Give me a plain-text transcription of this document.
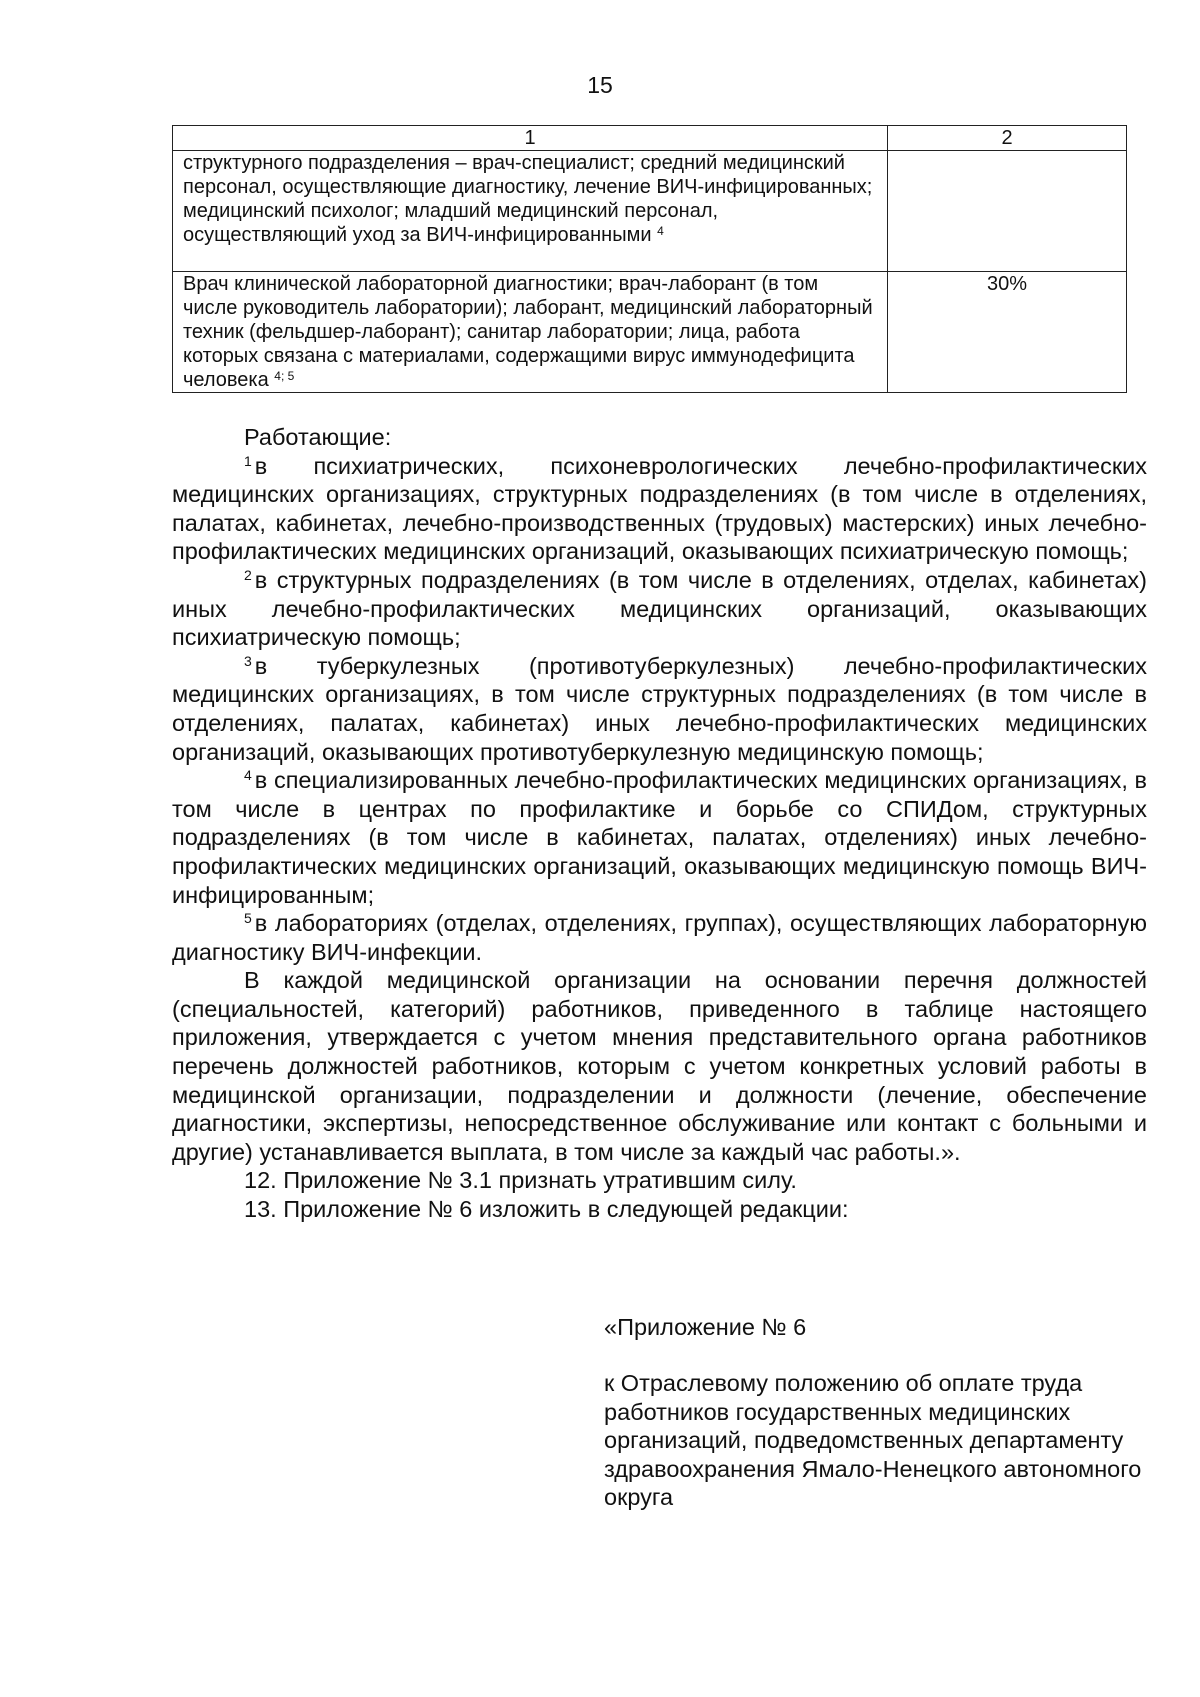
15
1	2
структурного подразделения – врач-специалист; средний медицинский персонал, осуществляющие диагностику, лечение ВИЧ-инфицированных; медицинский психолог; младший медицинский персонал, осуществляющий уход за ВИЧ-инфицированными $^4$	
Врач клинической лабораторной диагностики; врач-лаборант (в том числе руководитель лаборатории); лаборант, медицинский лабораторный техник (фельдшер-лаборант); санитар лаборатории; лица, работа которых связана с материалами, содержащими вирус иммунодефицита человека $^{4; 5}$	30%

Работающие:

$^1$ в психиатрических, психоневрологических лечебно-профилактических медицинских организациях, структурных подразделениях (в том числе в отделениях, палатах, кабинетах, лечебно-производственных (трудовых) мастерских) иных лечебно-профилактических медицинских организаций, оказывающих психиатрическую помощь;

$^2$ в структурных подразделениях (в том числе в отделениях, отделах, кабинетах) иных лечебно-профилактических медицинских организаций, оказывающих психиатрическую помощь;

$^3$ в туберкулезных (противотуберкулезных) лечебно-профилактических медицинских организациях, в том числе структурных подразделениях (в том числе в отделениях, палатах, кабинетах) иных лечебно-профилактических медицинских организаций, оказывающих противотуберкулезную медицинскую помощь;

$^4$ в специализированных лечебно-профилактических медицинских организациях, в том числе в центрах по профилактике и борьбе со СПИДом, структурных подразделениях (в том числе в кабинетах, палатах, отделениях) иных лечебно-профилактических медицинских организаций, оказывающих медицинскую помощь ВИЧ-инфицированным;

$^5$ в лабораториях (отделах, отделениях, группах), осуществляющих лабораторную диагностику ВИЧ-инфекции.

В каждой медицинской организации на основании перечня должностей (специальностей, категорий) работников, приведенного в таблице настоящего приложения, утверждается с учетом мнения представительного органа работников перечень должностей работников, которым с учетом конкретных условий работы в медицинской организации, подразделении и должности (лечение, обеспечение диагностики, экспертизы, непосредственное обслуживание или контакт с больными и другие) устанавливается выплата, в том числе за каждый час работы.».

12. Приложение № 3.1 признать утратившим силу.

13. Приложение № 6 изложить в следующей редакции:

«Приложение № 6
к Отраслевому положению об оплате труда работников государственных медицинских организаций, подведомственных департаменту здравоохранения Ямало-Ненецкого автономного округа
